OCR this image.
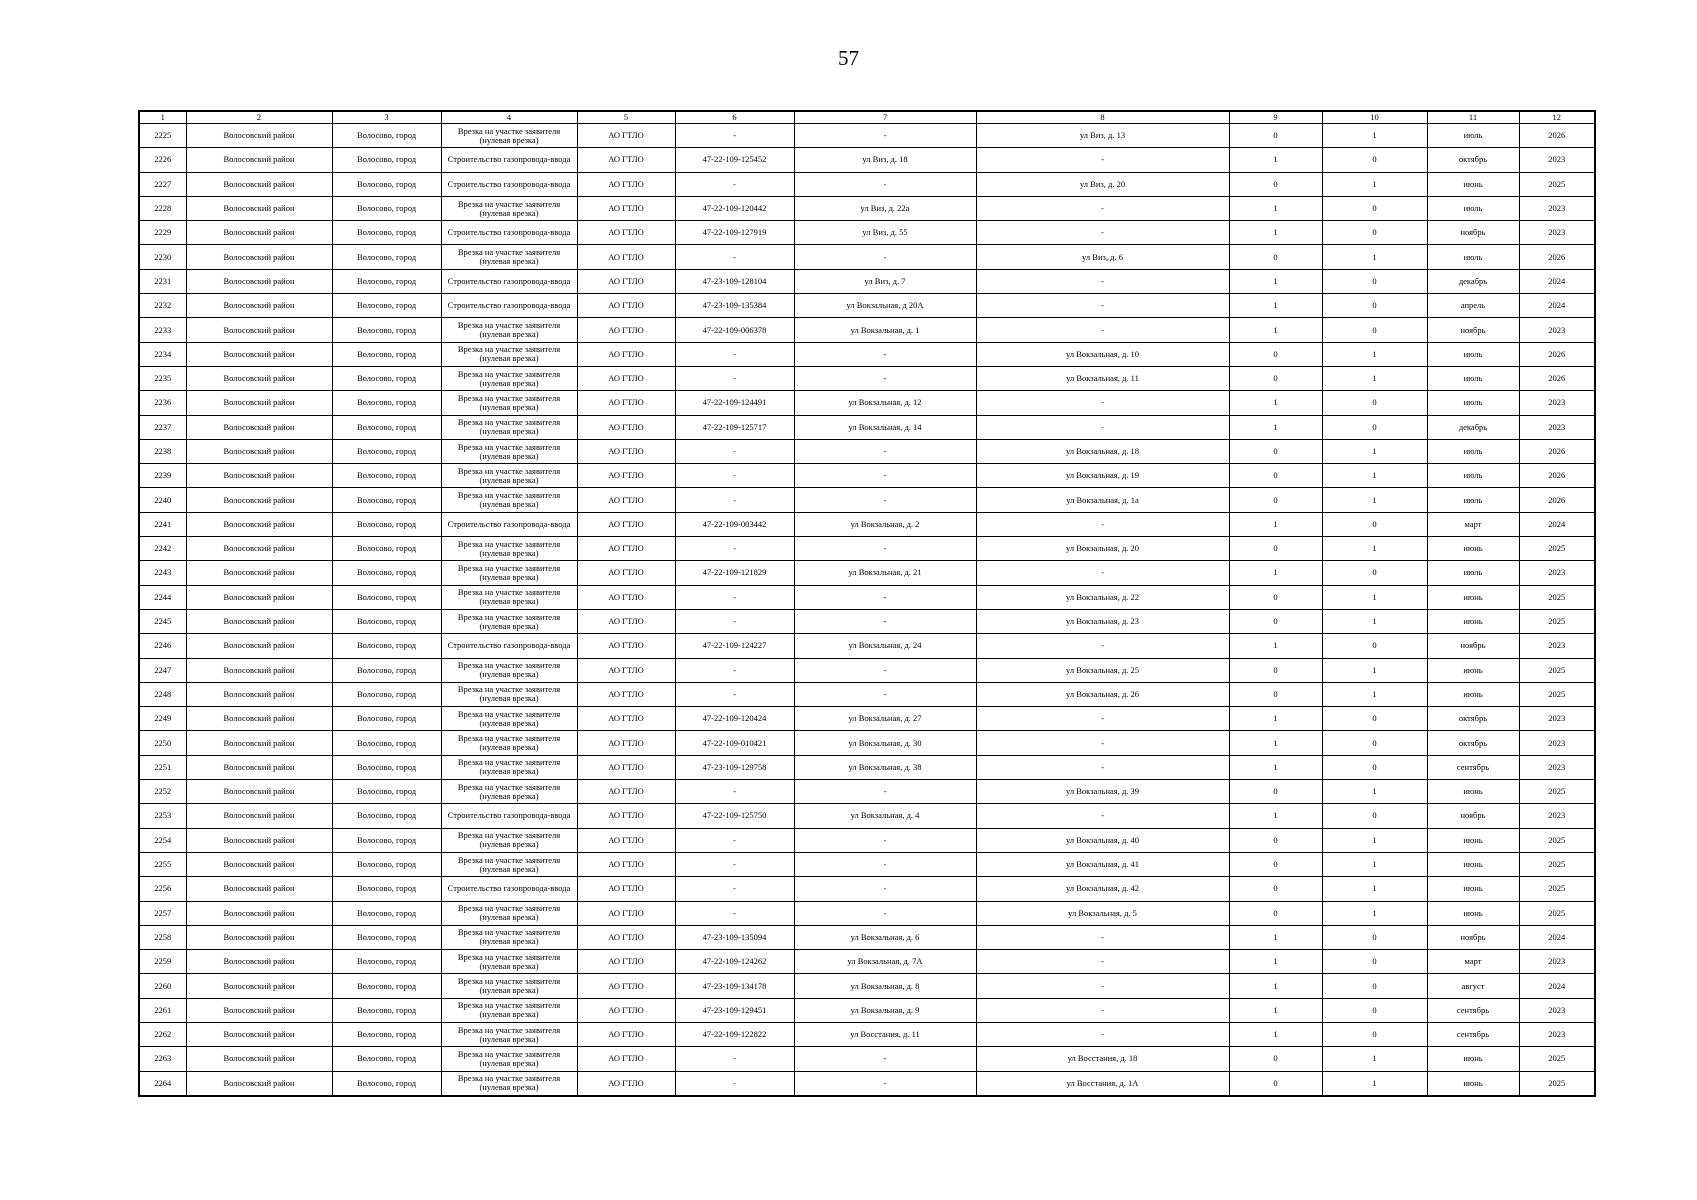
57
1	2	3	4	5	6	7	8	9	10	11	12
2225	Волосовский район	Волосово, город	Врезка на участке заявителя (нулевая врезка)	АО ГТЛО	-	-	ул Виз, д. 13	0	1	июль	2026
2226	Волосовский район	Волосово, город	Строительство газопровода-ввода	АО ГТЛО	47-22-109-125452	ул Виз, д. 18	-	1	0	октябрь	2023
2227	Волосовский район	Волосово, город	Строительство газопровода-ввода	АО ГТЛО	-	-	ул Виз, д. 20	0	1	июнь	2025
2228	Волосовский район	Волосово, город	Врезка на участке заявителя (нулевая врезка)	АО ГТЛО	47-22-109-120442	ул Виз, д. 22а	-	1	0	июль	2023
2229	Волосовский район	Волосово, город	Строительство газопровода-ввода	АО ГТЛО	47-22-109-127919	ул Виз, д. 55	-	1	0	ноябрь	2023
2230	Волосовский район	Волосово, город	Врезка на участке заявителя (нулевая врезка)	АО ГТЛО	-	-	ул Виз, д. 6	0	1	июль	2026
2231	Волосовский район	Волосово, город	Строительство газопровода-ввода	АО ГТЛО	47-23-109-128104	ул Виз, д. 7	-	1	0	декабрь	2024
2232	Волосовский район	Волосово, город	Строительство газопровода-ввода	АО ГТЛО	47-23-109-135384	ул Вокзальная, д 20А	-	1	0	апрель	2024
2233	Волосовский район	Волосово, город	Врезка на участке заявителя (нулевая врезка)	АО ГТЛО	47-22-109-006378	ул Вокзальная, д. 1	-	1	0	ноябрь	2023
2234	Волосовский район	Волосово, город	Врезка на участке заявителя (нулевая врезка)	АО ГТЛО	-	-	ул Вокзальная, д. 10	0	1	июль	2026
2235	Волосовский район	Волосово, город	Врезка на участке заявителя (нулевая врезка)	АО ГТЛО	-	-	ул Вокзальная, д. 11	0	1	июль	2026
2236	Волосовский район	Волосово, город	Врезка на участке заявителя (нулевая врезка)	АО ГТЛО	47-22-109-124491	ул Вокзальная, д. 12	-	1	0	июль	2023
2237	Волосовский район	Волосово, город	Врезка на участке заявителя (нулевая врезка)	АО ГТЛО	47-22-109-125717	ул Вокзальная, д. 14	-	1	0	декабрь	2023
2238	Волосовский район	Волосово, город	Врезка на участке заявителя (нулевая врезка)	АО ГТЛО	-	-	ул Вокзальная, д. 18	0	1	июль	2026
2239	Волосовский район	Волосово, город	Врезка на участке заявителя (нулевая врезка)	АО ГТЛО	-	-	ул Вокзальная, д. 19	0	1	июль	2026
2240	Волосовский район	Волосово, город	Врезка на участке заявителя (нулевая врезка)	АО ГТЛО	-	-	ул Вокзальная, д. 1а	0	1	июль	2026
2241	Волосовский район	Волосово, город	Строительство газопровода-ввода	АО ГТЛО	47-22-109-003442	ул Вокзальная, д. 2	-	1	0	март	2024
2242	Волосовский район	Волосово, город	Врезка на участке заявителя (нулевая врезка)	АО ГТЛО	-	-	ул Вокзальная, д. 20	0	1	июнь	2025
2243	Волосовский район	Волосово, город	Врезка на участке заявителя (нулевая врезка)	АО ГТЛО	47-22-109-121829	ул Вокзальная, д. 21	-	1	0	июль	2023
2244	Волосовский район	Волосово, город	Врезка на участке заявителя (нулевая врезка)	АО ГТЛО	-	-	ул Вокзальная, д. 22	0	1	июнь	2025
2245	Волосовский район	Волосово, город	Врезка на участке заявителя (нулевая врезка)	АО ГТЛО	-	-	ул Вокзальная, д. 23	0	1	июнь	2025
2246	Волосовский район	Волосово, город	Строительство газопровода-ввода	АО ГТЛО	47-22-109-124227	ул Вокзальная, д. 24	-	1	0	ноябрь	2023
2247	Волосовский район	Волосово, город	Врезка на участке заявителя (нулевая врезка)	АО ГТЛО	-	-	ул Вокзальная, д. 25	0	1	июнь	2025
2248	Волосовский район	Волосово, город	Врезка на участке заявителя (нулевая врезка)	АО ГТЛО	-	-	ул Вокзальная, д. 26	0	1	июнь	2025
2249	Волосовский район	Волосово, город	Врезка на участке заявителя (нулевая врезка)	АО ГТЛО	47-22-109-120424	ул Вокзальная, д. 27	-	1	0	октябрь	2023
2250	Волосовский район	Волосово, город	Врезка на участке заявителя (нулевая врезка)	АО ГТЛО	47-22-109-010421	ул Вокзальная, д. 30	-	1	0	октябрь	2023
2251	Волосовский район	Волосово, город	Врезка на участке заявителя (нулевая врезка)	АО ГТЛО	47-23-109-129758	ул Вокзальная, д. 38	-	1	0	сентябрь	2023
2252	Волосовский район	Волосово, город	Врезка на участке заявителя (нулевая врезка)	АО ГТЛО	-	-	ул Вокзальная, д. 39	0	1	июнь	2025
2253	Волосовский район	Волосово, город	Строительство газопровода-ввода	АО ГТЛО	47-22-109-125750	ул Вокзальная, д. 4	-	1	0	ноябрь	2023
2254	Волосовский район	Волосово, город	Врезка на участке заявителя (нулевая врезка)	АО ГТЛО	-	-	ул Вокзальная, д. 40	0	1	июнь	2025
2255	Волосовский район	Волосово, город	Врезка на участке заявителя (нулевая врезка)	АО ГТЛО	-	-	ул Вокзальная, д. 41	0	1	июнь	2025
2256	Волосовский район	Волосово, город	Строительство газопровода-ввода	АО ГТЛО	-	-	ул Вокзальная, д. 42	0	1	июнь	2025
2257	Волосовский район	Волосово, город	Врезка на участке заявителя (нулевая врезка)	АО ГТЛО	-	-	ул Вокзальная, д. 5	0	1	июнь	2025
2258	Волосовский район	Волосово, город	Врезка на участке заявителя (нулевая врезка)	АО ГТЛО	47-23-109-135094	ул Вокзальная, д. 6	-	1	0	ноябрь	2024
2259	Волосовский район	Волосово, город	Врезка на участке заявителя (нулевая врезка)	АО ГТЛО	47-22-109-124262	ул Вокзальная, д. 7А	-	1	0	март	2023
2260	Волосовский район	Волосово, город	Врезка на участке заявителя (нулевая врезка)	АО ГТЛО	47-23-109-134178	ул Вокзальная, д. 8	-	1	0	август	2024
2261	Волосовский район	Волосово, город	Врезка на участке заявителя (нулевая врезка)	АО ГТЛО	47-23-109-129451	ул Вокзальная, д. 9	-	1	0	сентябрь	2023
2262	Волосовский район	Волосово, город	Врезка на участке заявителя (нулевая врезка)	АО ГТЛО	47-22-109-122822	ул Восстания, д. 11	-	1	0	сентябрь	2023
2263	Волосовский район	Волосово, город	Врезка на участке заявителя (нулевая врезка)	АО ГТЛО	-	-	ул Восстания, д. 18	0	1	июнь	2025
2264	Волосовский район	Волосово, город	Врезка на участке заявителя (нулевая врезка)	АО ГТЛО	-	-	ул Восстания, д. 1А	0	1	июнь	2025
